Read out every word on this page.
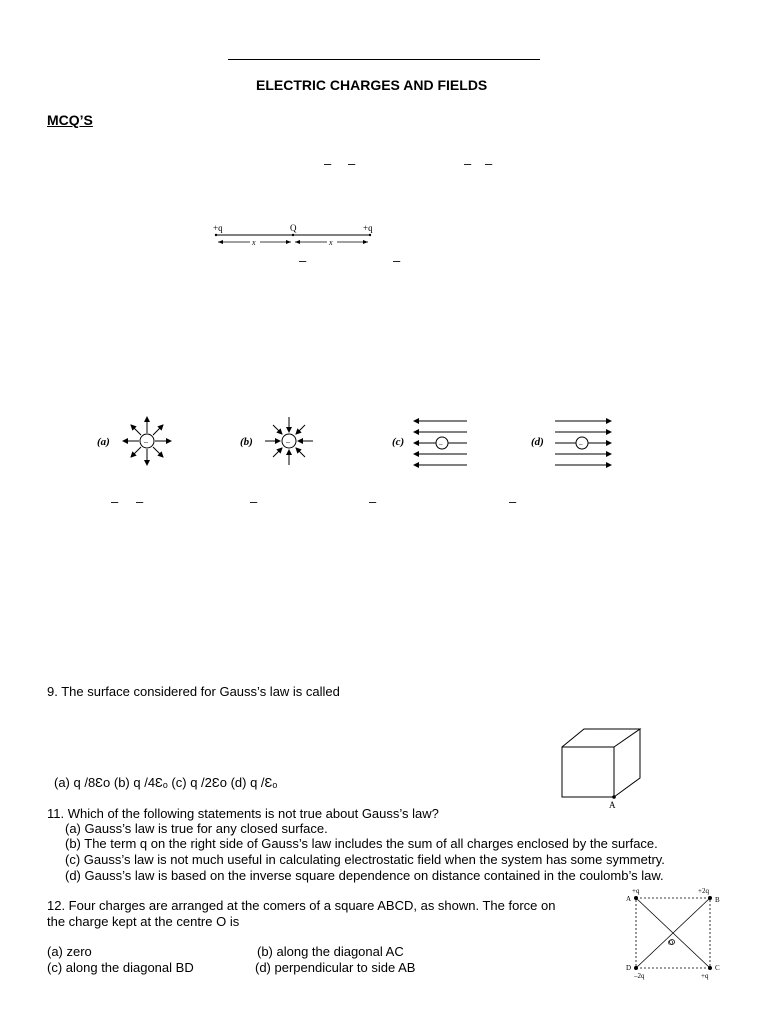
ELECTRIC CHARGES AND FIELDS
MCQ’S
– –	– –
+q	Q	+q
x	x
–	–
(a)	–	(b)	–	(c)	–	(d)	–
– –	–	–	–
9. The surface considered for Gauss’s law is called
A
(a) q /8Ɛo (b) q /4Ɛₒ (c) q /2Ɛo (d) q /Ɛₒ
11. Which of the following statements is not true about Gauss’s law?
(a) Gauss’s law is true for any closed surface.
(b) The term q on the right side of Gauss’s law includes the sum of all charges enclosed by the surface.
(c) Gauss’s law is not much useful in calculating electrostatic field when the system has some symmetry.
(d) Gauss’s law is based on the inverse square dependence on distance contained in the coulomb’s law.
12. Four charges are arranged at the comers of a square ABCD, as shown. The force on
the charge kept at the centre O is
(a) zero	(b) along the diagonal AC
(c) along the diagonal BD	(d) perpendicular to side AB
+q	+2q
A	B
O
D	C
–2q	+q
